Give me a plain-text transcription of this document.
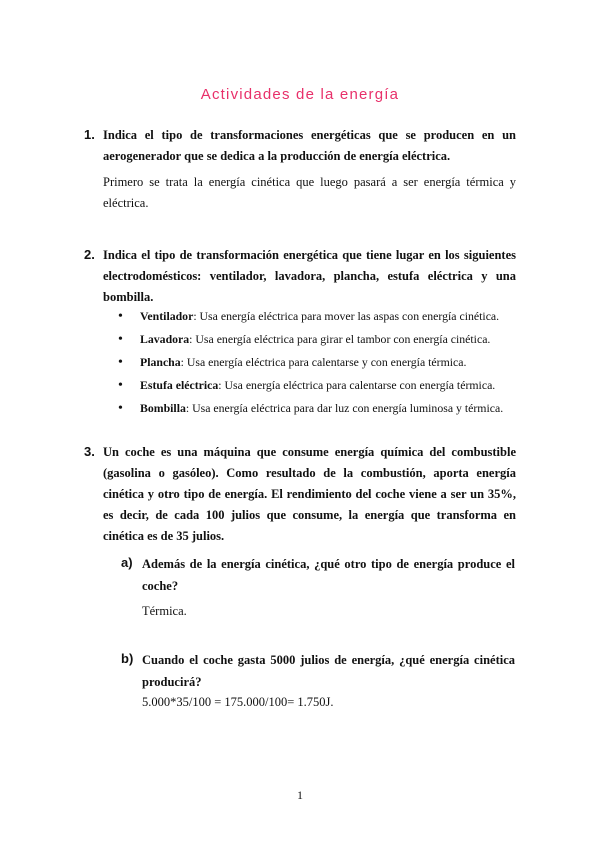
Actividades de la energía
1. Indica el tipo de transformaciones energéticas que se producen en un aerogenerador que se dedica a la producción de energía eléctrica.
Primero se trata la energía cinética que luego pasará a ser energía térmica y eléctrica.
2. Indica el tipo de transformación energética que tiene lugar en los siguientes electrodomésticos: ventilador, lavadora, plancha, estufa eléctrica y una bombilla.
• Ventilador: Usa energía eléctrica para mover las aspas con energía cinética.
• Lavadora: Usa energía eléctrica para girar el tambor con energía cinética.
• Plancha: Usa energía eléctrica para calentarse y con energía térmica.
• Estufa eléctrica: Usa energía eléctrica para calentarse con energía térmica.
• Bombilla: Usa energía eléctrica para dar luz con energía luminosa y térmica.
3. Un coche es una máquina que consume energía química del combustible (gasolina o gasóleo). Como resultado de la combustión, aporta energía cinética y otro tipo de energía. El rendimiento del coche viene a ser un 35%, es decir, de cada 100 julios que consume, la energía que transforma en cinética es de 35 julios.
a) Además de la energía cinética, ¿qué otro tipo de energía produce el coche?
Térmica.
b) Cuando el coche gasta 5000 julios de energía, ¿qué energía cinética producirá?
5.000*35/100 = 175.000/100= 1.750J.
1
